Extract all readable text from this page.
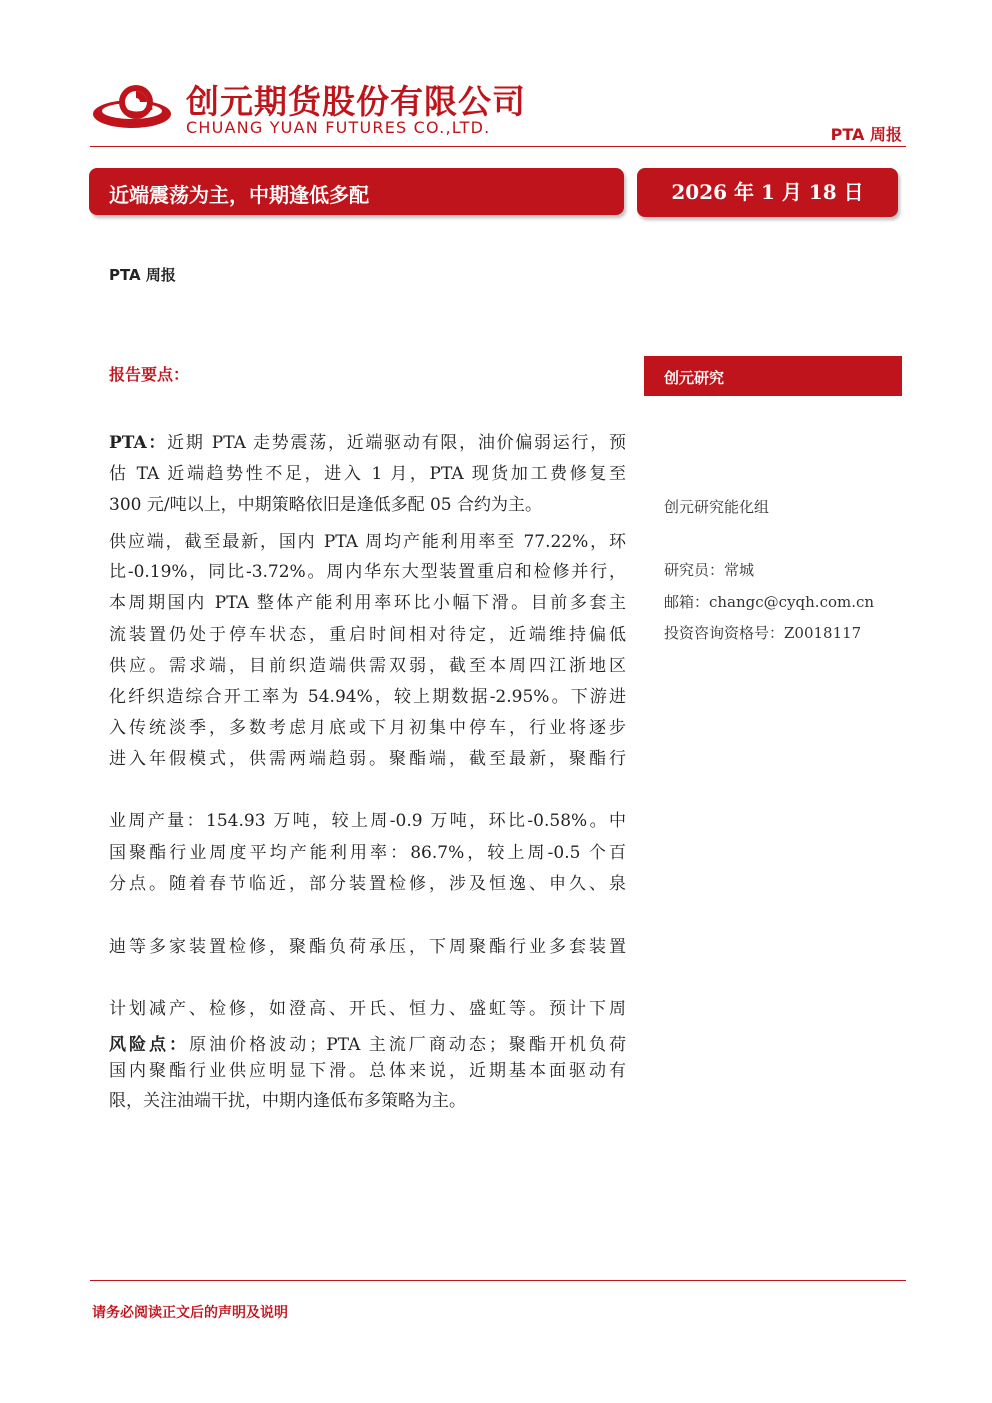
创元期货股份有限公司
CHUANG YUAN FUTURES CO.,LTD.	PTA 周报
近端震荡为主，中期逢低多配	2026 年 1 月 18 日
PTA 周报
报告要点：	创元研究
创元研究能化组
研究员：常城
邮箱：changc@cyqh.com.cn
投资咨询资格号：Z0018117
PTA：近期 PTA 走势震荡，近端驱动有限，油价偏弱运行，预
估 TA 近端趋势性不足，进入 1 月，PTA 现货加工费修复至
300 元/吨以上，中期策略依旧是逢低多配 05 合约为主。
供应端，截至最新，国内 PTA 周均产能利用率至 77.22%，环
比-0.19%，同比-3.72%。周内华东大型装置重启和检修并行，
本周期国内 PTA 整体产能利用率环比小幅下滑。目前多套主
流装置仍处于停车状态，重启时间相对待定，近端维持偏低
供应。需求端，目前织造端供需双弱，截至本周四江浙地区
化纤织造综合开工率为 54.94%，较上期数据-2.95%。下游进
入传统淡季，多数考虑月底或下月初集中停车，行业将逐步
进入年假模式，供需两端趋弱。聚酯端，截至最新，聚酯行
业周产量：154.93 万吨，较上周-0.9 万吨，环比-0.58%。中
国聚酯行业周度平均产能利用率：86.7%，较上周-0.5 个百
分点。随着春节临近，部分装置检修，涉及恒逸、申久、泉
迪等多家装置检修，聚酯负荷承压，下周聚酯行业多套装置
计划减产、检修，如澄高、开氏、恒力、盛虹等。预计下周
风险点：原油价格波动；PTA 主流厂商动态；聚酯开机负荷
国内聚酯行业供应明显下滑。总体来说，近期基本面驱动有
限，关注油端干扰，中期内逢低布多策略为主。
请务必阅读正文后的声明及说明
